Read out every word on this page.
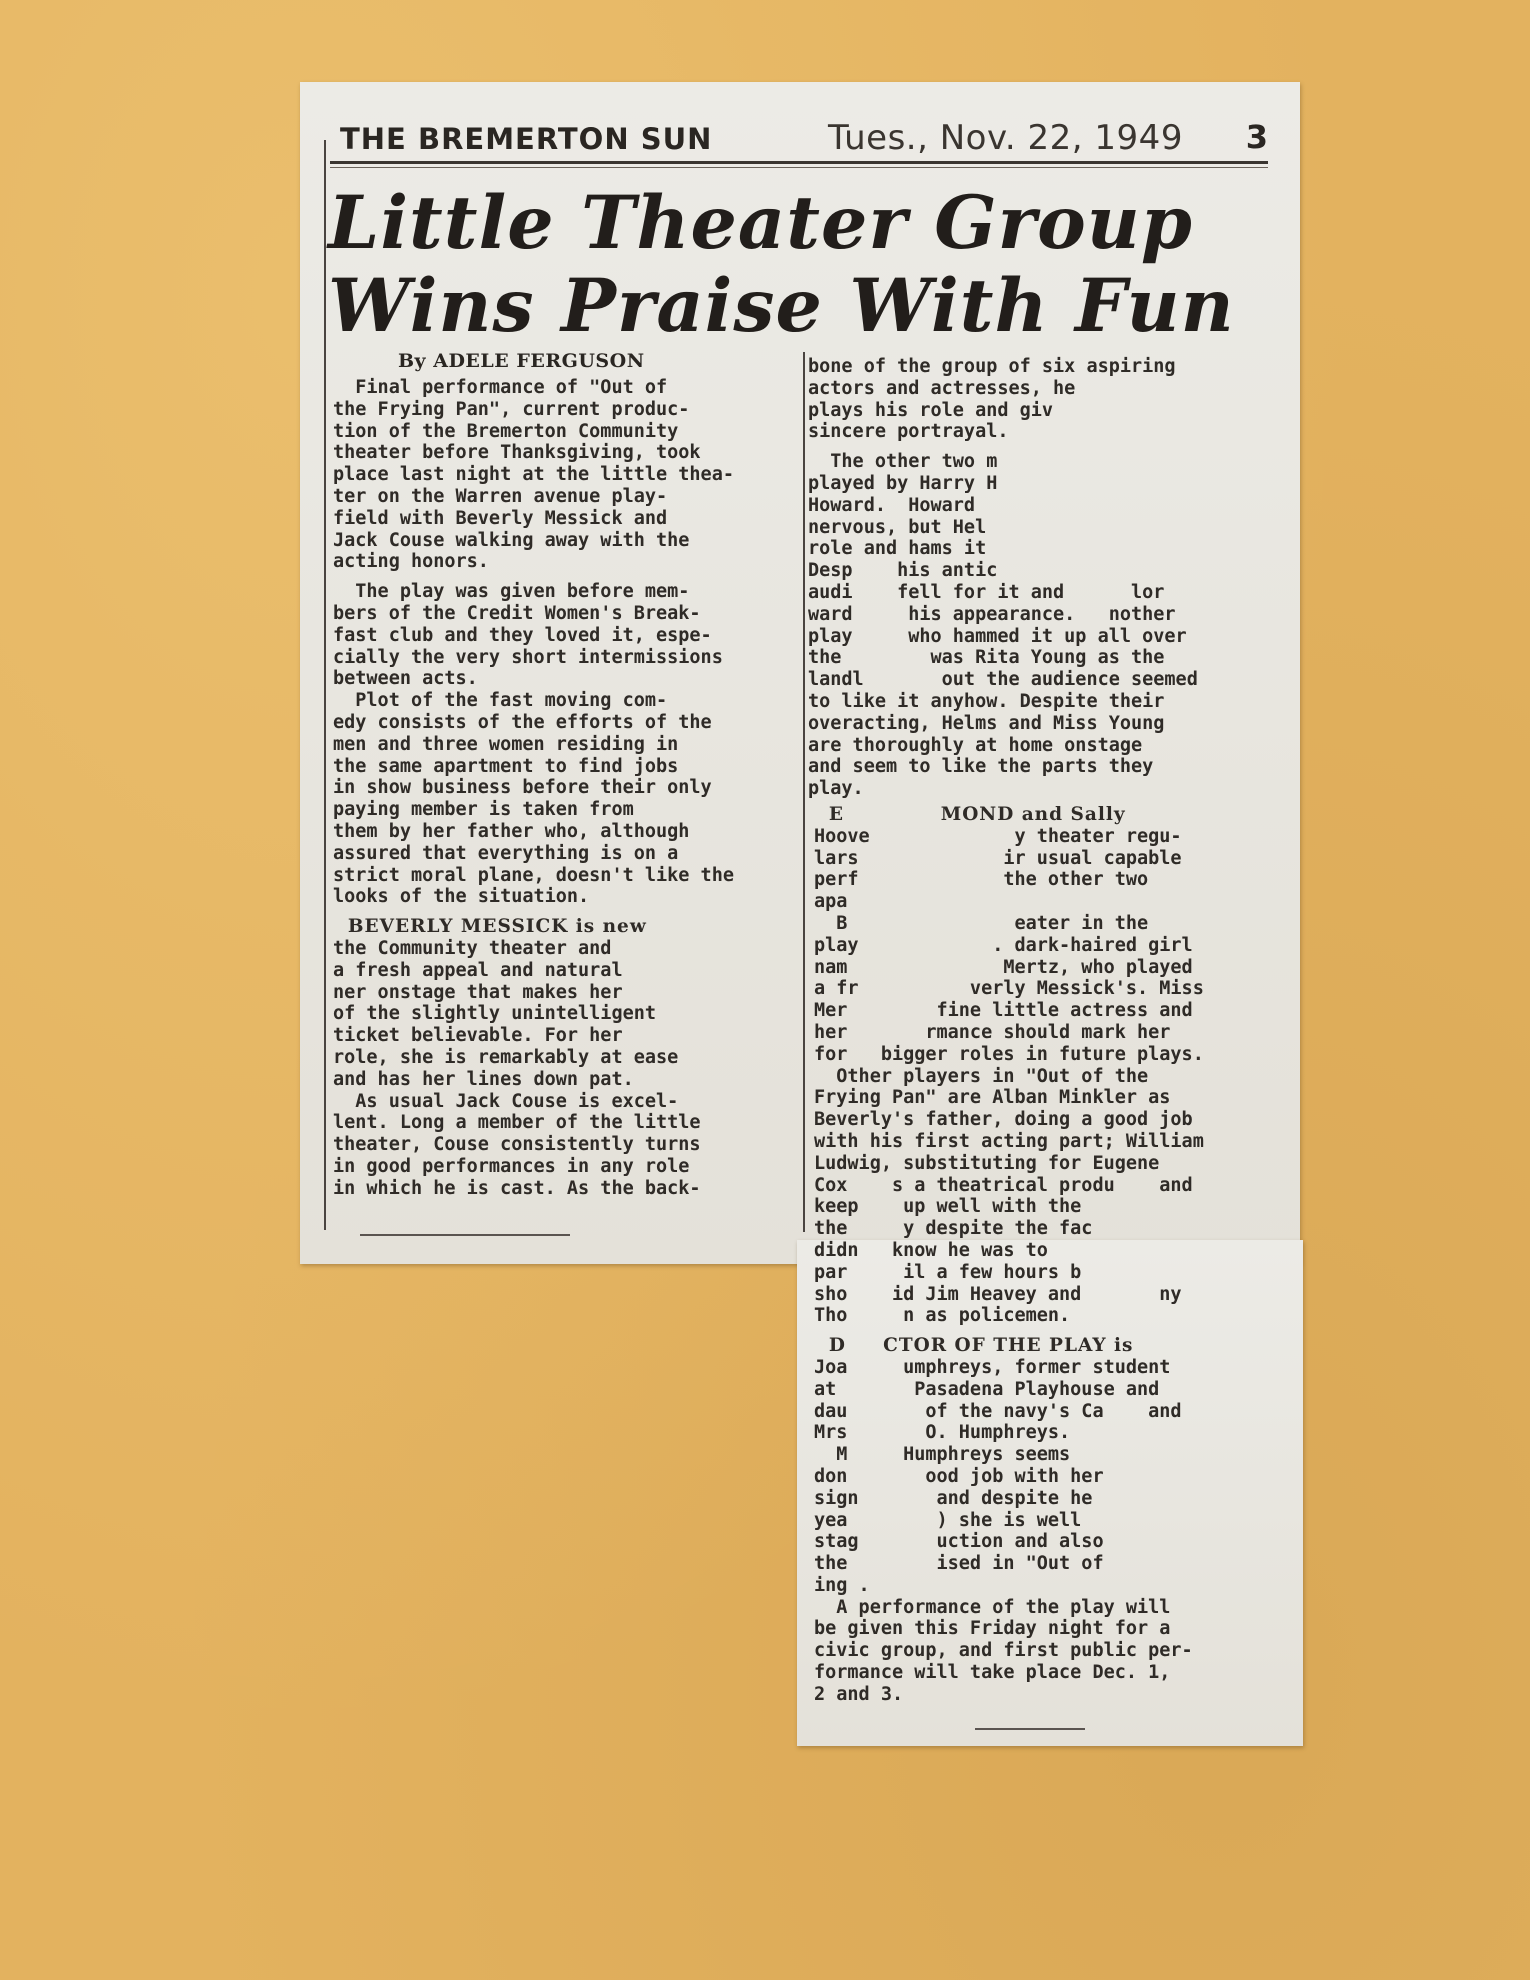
THE BREMERTON SUN	Tues., Nov. 22, 1949 3
Little Theater Group
Wins Praise With Fun
By ADELE FERGUSON
Final performance of "Out of
the Frying Pan", current produc-
tion of the Bremerton Community
theater before Thanksgiving, took
place last night at the little thea-
ter on the Warren avenue play-
field with Beverly Messick and
Jack Couse walking away with the
acting honors.
The play was given before mem-
bers of the Credit Women's Break-
fast club and they loved it, espe-
cially the very short intermissions
between acts.
Plot of the fast moving com-
edy consists of the efforts of the
men and three women residing in
the same apartment to find jobs
in show business before their only
paying member is taken from
them by her father who, although
assured that everything is on a
strict moral plane, doesn't like the
looks of the situation.
BEVERLY MESSICK is new
the Community theater and
a fresh appeal and natural
ner onstage that makes her
of the slightly unintelligent
ticket believable. For her
role, she is remarkably at ease
and has her lines down pat.
As usual Jack Couse is excel-
lent. Long a member of the little
theater, Couse consistently turns
in good performances in any role
in which he is cast. As the back-
bone of the group of six aspiring
actors and actresses, he
plays his role and giv
sincere portrayal.
The other two m
played by Harry H
Howard.  Howard
nervous, but Hel
role and hams it
Desp    his antic
audi    fell for it and      lor
ward     his appearance.   nother
play     who hammed it up all over
the        was Rita Young as the
landl       out the audience seemed
to like it anyhow. Despite their
overacting, Helms and Miss Young
are thoroughly at home onstage
and seem to like the parts they
play.
E             MOND and Sally
Hoove             y theater regu-
lars             ir usual capable
perf             the other two
apa
B               eater in the
play            . dark-haired girl
nam              Mertz, who played
a fr          verly Messick's. Miss
Mer        fine little actress and
her       rmance should mark her
for   bigger roles in future plays.
Other players in "Out of the
Frying Pan" are Alban Minkler as
Beverly's father, doing a good job
with his first acting part; William
Ludwig, substituting for Eugene
Cox    s a theatrical produ    and
keep    up well with the
the     y despite the fac
didn   know he was to
par     il a few hours b
sho    id Jim Heavey and       ny
Tho     n as policemen.
D     CTOR OF THE PLAY is
Joa     umphreys, former student
at       Pasadena Playhouse and
dau       of the navy's Ca    and
Mrs       O. Humphreys.
M     Humphreys seems
don       ood job with her
sign       and despite he
yea        ) she is well
stag       uction and also
the        ised in "Out of
ing .
A performance of the play will
be given this Friday night for a
civic group, and first public per-
formance will take place Dec. 1,
2 and 3.
